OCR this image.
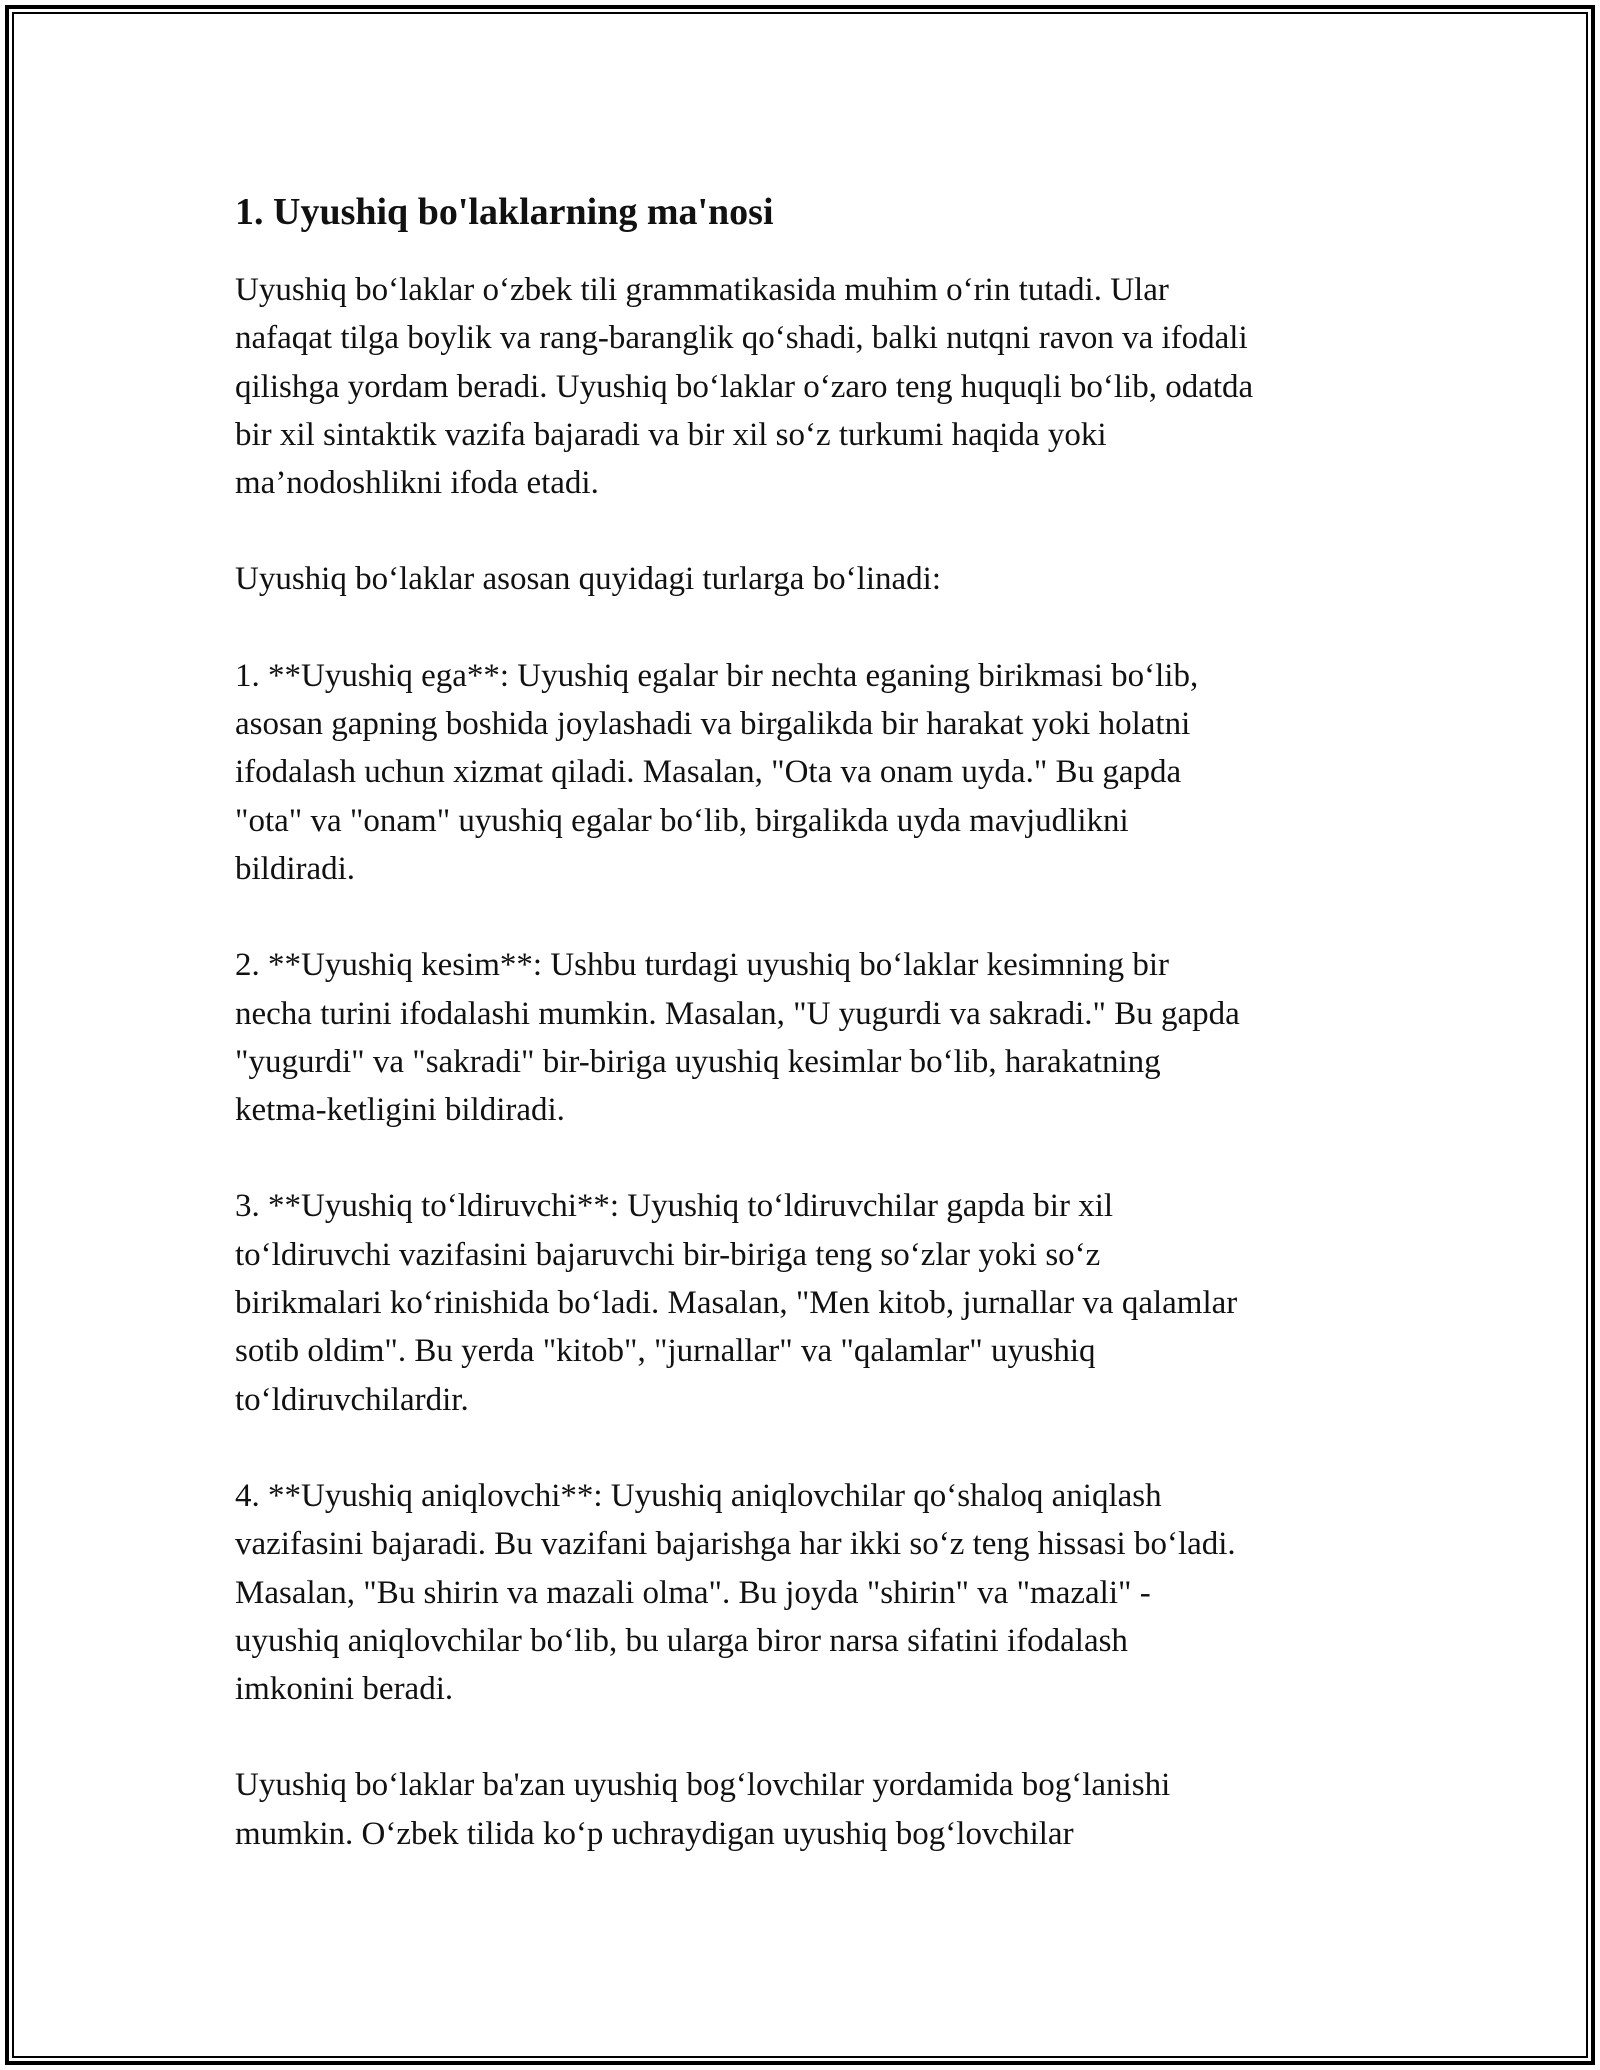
1. Uyushiq bo'laklarning ma'nosi

Uyushiq bo‘laklar o‘zbek tili grammatikasida muhim o‘rin tutadi. Ular
nafaqat tilga boylik va rang-baranglik qo‘shadi, balki nutqni ravon va ifodali
qilishga yordam beradi. Uyushiq bo‘laklar o‘zaro teng huquqli bo‘lib, odatda
bir xil sintaktik vazifa bajaradi va bir xil so‘z turkumi haqida yoki
ma’nodoshlikni ifoda etadi.

Uyushiq bo‘laklar asosan quyidagi turlarga bo‘linadi:

1. **Uyushiq ega**: Uyushiq egalar bir nechta eganing birikmasi bo‘lib,
asosan gapning boshida joylashadi va birgalikda bir harakat yoki holatni
ifodalash uchun xizmat qiladi. Masalan, "Ota va onam uyda." Bu gapda
"ota" va "onam" uyushiq egalar bo‘lib, birgalikda uyda mavjudlikni
bildiradi.

2. **Uyushiq kesim**: Ushbu turdagi uyushiq bo‘laklar kesimning bir
necha turini ifodalashi mumkin. Masalan, "U yugurdi va sakradi." Bu gapda
"yugurdi" va "sakradi" bir-biriga uyushiq kesimlar bo‘lib, harakatning
ketma-ketligini bildiradi.

3. **Uyushiq to‘ldiruvchi**: Uyushiq to‘ldiruvchilar gapda bir xil
to‘ldiruvchi vazifasini bajaruvchi bir-biriga teng so‘zlar yoki so‘z
birikmalari ko‘rinishida bo‘ladi. Masalan, "Men kitob, jurnallar va qalamlar
sotib oldim". Bu yerda "kitob", "jurnallar" va "qalamlar" uyushiq
to‘ldiruvchilardir.

4. **Uyushiq aniqlovchi**: Uyushiq aniqlovchilar qo‘shaloq aniqlash
vazifasini bajaradi. Bu vazifani bajarishga har ikki so‘z teng hissasi bo‘ladi.
Masalan, "Bu shirin va mazali olma". Bu joyda "shirin" va "mazali" -
uyushiq aniqlovchilar bo‘lib, bu ularga biror narsa sifatini ifodalash
imkonini beradi.

Uyushiq bo‘laklar ba'zan uyushiq bog‘lovchilar yordamida bog‘lanishi
mumkin. O‘zbek tilida ko‘p uchraydigan uyushiq bog‘lovchilar
